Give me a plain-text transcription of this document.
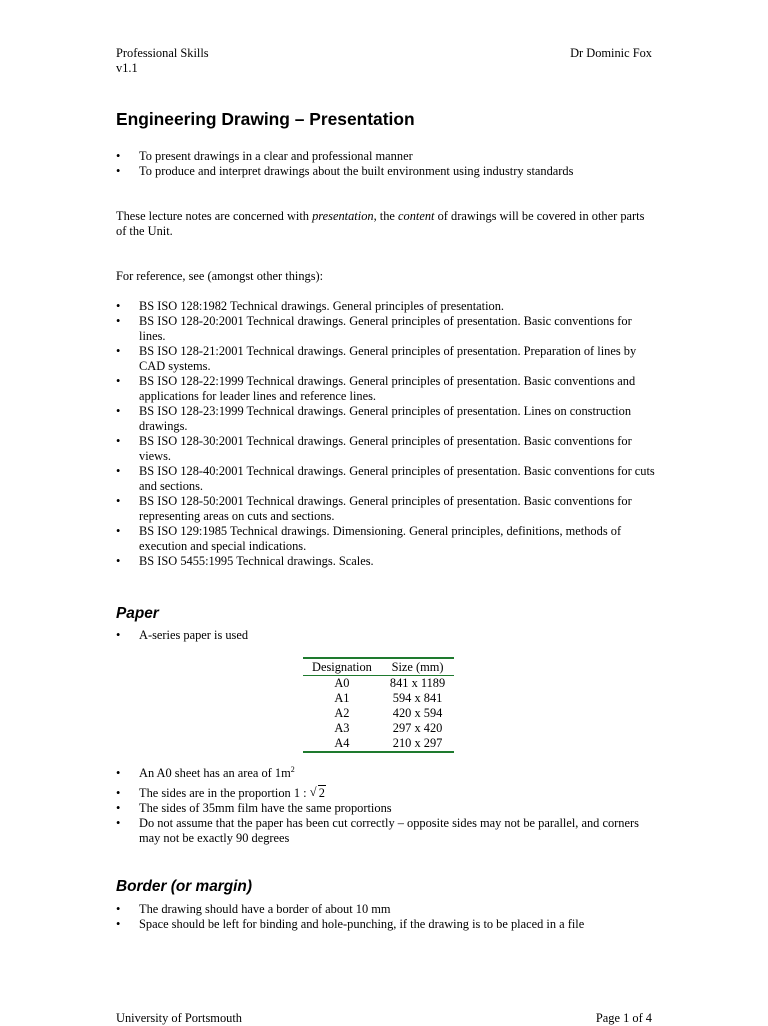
Professional Skills
v1.1
Dr Dominic Fox
Engineering Drawing – Presentation
• To present drawings in a clear and professional manner
• To produce and interpret drawings about the built environment using industry standards

These lecture notes are concerned with presentation, the content of drawings will be covered in other parts of the Unit.

For reference, see (amongst other things):

• BS ISO 128:1982 Technical drawings. General principles of presentation.
• BS ISO 128-20:2001 Technical drawings. General principles of presentation. Basic conventions for lines.
• BS ISO 128-21:2001 Technical drawings. General principles of presentation. Preparation of lines by CAD systems.
• BS ISO 128-22:1999 Technical drawings. General principles of presentation. Basic conventions and applications for leader lines and reference lines.
• BS ISO 128-23:1999 Technical drawings. General principles of presentation. Lines on construction drawings.
• BS ISO 128-30:2001 Technical drawings. General principles of presentation. Basic conventions for views.
• BS ISO 128-40:2001 Technical drawings. General principles of presentation. Basic conventions for cuts and sections.
• BS ISO 128-50:2001 Technical drawings. General principles of presentation. Basic conventions for representing areas on cuts and sections.
• BS ISO 129:1985 Technical drawings. Dimensioning. General principles, definitions, methods of execution and special indications.
• BS ISO 5455:1995 Technical drawings. Scales.
Paper
• A-series paper is used
Designation	Size (mm)
A0	841 x 1189
A1	594 x 841
A2	420 x 594
A3	297 x 420
A4	210 x 297
• An A0 sheet has an area of $1m^2$
• The sides are in the proportion 1 : √ 2
• The sides of 35mm film have the same proportions
• Do not assume that the paper has been cut correctly – opposite sides may not be parallel, and corners may not be exactly 90 degrees
Border (or margin)
• The drawing should have a border of about 10 mm
• Space should be left for binding and hole-punching, if the drawing is to be placed in a file
University of Portsmouth	Page 1 of 4
